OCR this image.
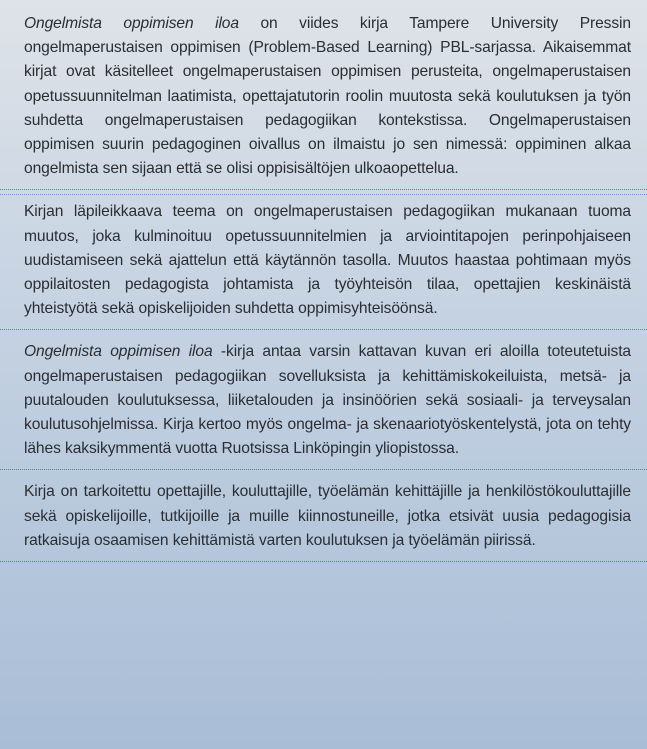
Ongelmista oppimisen iloa on viides kirja Tampere University Pressin ongelmaperustaisen oppimisen (Problem-Based Learning) PBL-sarjassa. Aikaisemmat kirjat ovat käsitelleet ongelmaperustaisen oppimisen perusteita, ongelmaperustaisen opetussuunnitelman laatimista, opettajatutorin roolin muutosta sekä koulutuksen ja työn suhdetta ongelmaperustaisen pedagogiikan kontekstissa. Ongelmaperustaisen oppimisen suurin pedagoginen oivallus on ilmaistu jo sen nimessä: oppiminen alkaa ongelmista sen sijaan että se olisi oppisisältöjen ulkoaopettelua.

Kirjan läpileikkaava teema on ongelmaperustaisen pedagogiikan mukanaan tuoma muutos, joka kulminoituu opetussuunnitelmien ja arviointitapojen perinpohjaiseen uudistamiseen sekä ajattelun että käytännön tasolla. Muutos haastaa pohtimaan myös oppilaitosten pedagogista johtamista ja työyhteisön tilaa, opettajien keskinäistä yhteistyötä sekä opiskelijoiden suhdetta oppimisyhteisöönsä.

Ongelmista oppimisen iloa -kirja antaa varsin kattavan kuvan eri aloilla toteutetuista ongelmaperustaisen pedagogiikan sovelluksista ja kehittämiskokeiluista, metsä- ja puutalouden koulutuksessa, liiketalouden ja insinöörien sekä sosiaali- ja terveysalan koulutusohjelmissa. Kirja kertoo myös ongelma- ja skenaariotyöskentelystä, jota on tehty lähes kaksikymmentä vuotta Ruotsissa Linköpingin yliopistossa.

Kirja on tarkoitettu opettajille, kouluttajille, työelämän kehittäjille ja henkilöstökouluttajille sekä opiskelijoille, tutkijoille ja muille kiinnostuneille, jotka etsivät uusia pedagogisia ratkaisuja osaamisen kehittämistä varten koulutuksen ja työelämän piirissä.
